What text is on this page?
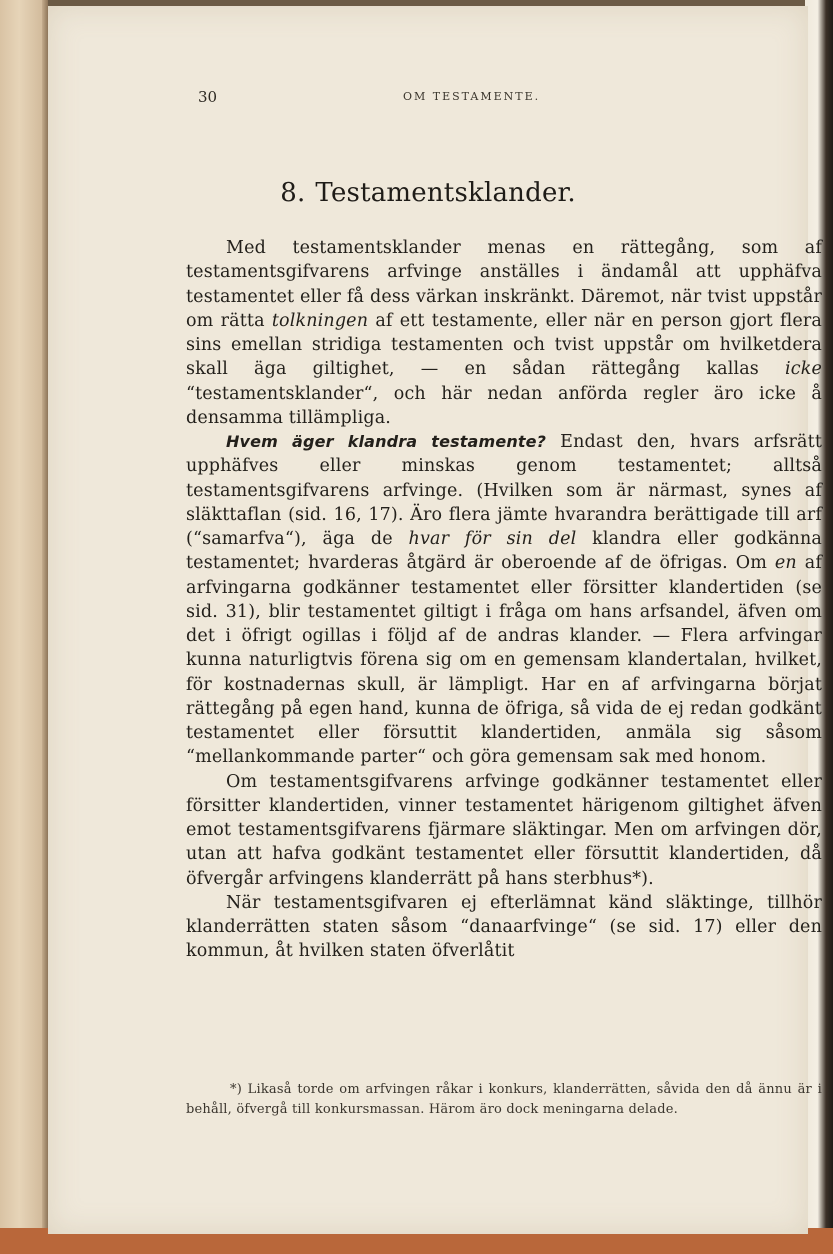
30	OM TESTAMENTE.
8. Testamentsklander.

Med testamentsklander menas en rättegång, som af testamentsgifvarens arfvinge anställes i ändamål att upphäfva testamentet eller få dess värkan inskränkt. Däremot, när tvist uppstår om rätta tolkningen af ett testamente, eller när en person gjort flera sins emellan stridiga testamenten och tvist uppstår om hvilketdera skall äga giltighet, — en sådan rättegång kallas icke “testamentsklander“, och här nedan anförda regler äro icke å densamma tillämpliga.

Hvem äger klandra testamente? Endast den, hvars arfsrätt upphäfves eller minskas genom testamentet; alltså testamentsgifvarens arfvinge. (Hvilken som är närmast, synes af släkttaflan (sid. 16, 17). Äro flera jämte hvarandra berättigade till arf (“samarfva“), äga de hvar för sin del klandra eller godkänna testamentet; hvarderas åtgärd är oberoende af de öfrigas. Om en af arfvingarna godkänner testamentet eller försitter klandertiden (se sid. 31), blir testamentet giltigt i fråga om hans arfsandel, äfven om det i öfrigt ogillas i följd af de andras klander. — Flera arfvingar kunna naturligtvis förena sig om en gemensam klandertalan, hvilket, för kostnadernas skull, är lämpligt. Har en af arfvingarna börjat rättegång på egen hand, kunna de öfriga, så vida de ej redan godkänt testamentet eller försuttit klandertiden, anmäla sig såsom “mellankommande parter“ och göra gemensam sak med honom.

Om testamentsgifvarens arfvinge godkänner testamentet eller försitter klandertiden, vinner testamentet härigenom giltighet äfven emot testamentsgifvarens fjärmare släktingar. Men om arfvingen dör, utan att hafva godkänt testamentet eller försuttit klandertiden, då öfvergår arfvingens klanderrätt på hans sterbhus*).

När testamentsgifvaren ej efterlämnat känd släktinge, tillhör klanderrätten staten såsom “danaarfvinge“ (se sid. 17) eller den kommun, åt hvilken staten öfverlåtit

*) Likaså torde om arfvingen råkar i konkurs, klanderrätten, såvida den då ännu är i behåll, öfvergå till konkursmassan. Härom äro dock meningarna delade.
